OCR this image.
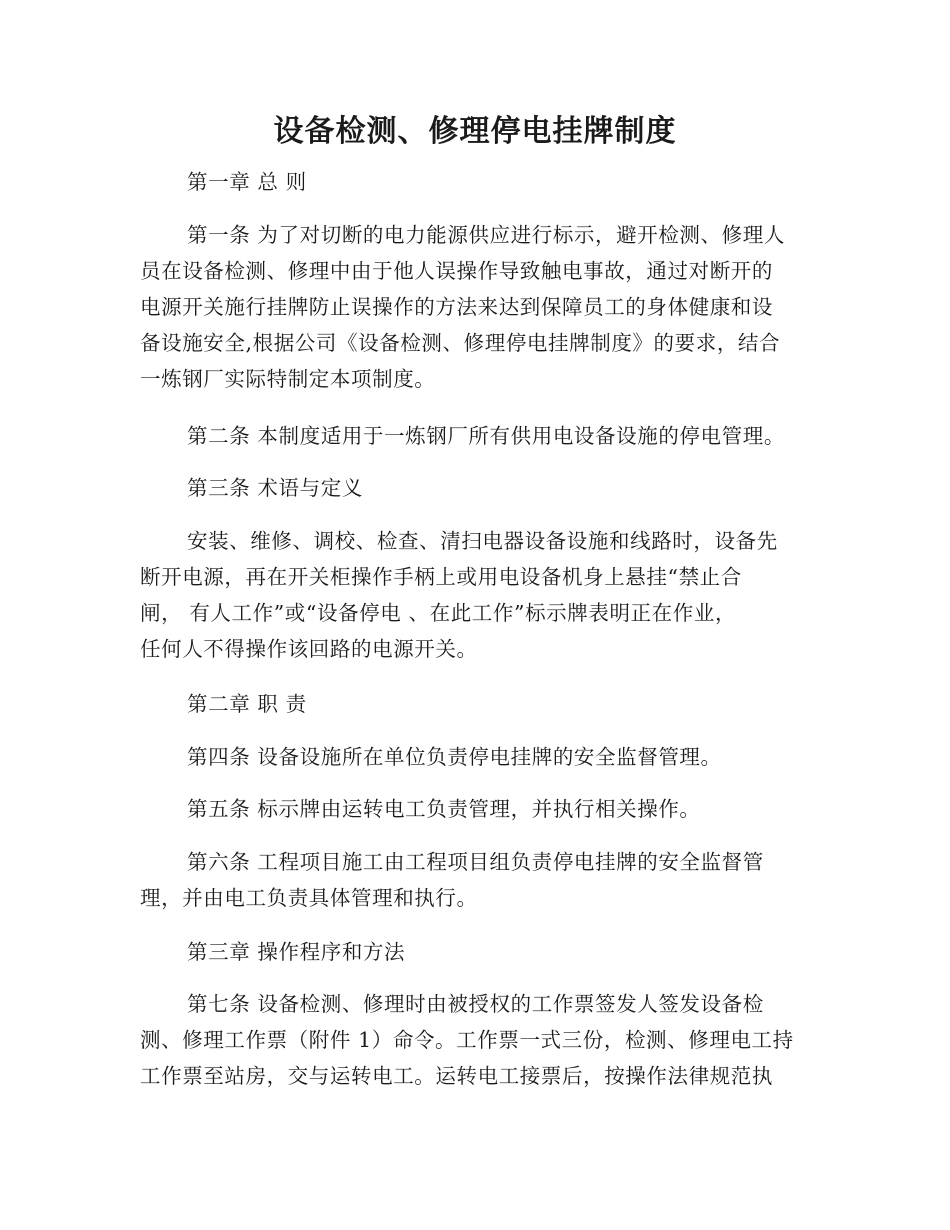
设备检测、修理停电挂牌制度
第一章 总 则
第一条 为了对切断的电力能源供应进行标示，避开检测、修理人
员在设备检测、修理中由于他人误操作导致触电事故，通过对断开的
电源开关施行挂牌防止误操作的方法来达到保障员工的身体健康和设
备设施安全,根据公司《设备检测、修理停电挂牌制度》的要求，结合
一炼钢厂实际特制定本项制度。
第二条 本制度适用于一炼钢厂所有供用电设备设施的停电管理。
第三条 术语与定义
安装、维修、调校、检查、清扫电器设备设施和线路时，设备先
断开电源，再在开关柜操作手柄上或用电设备机身上悬挂“禁止合
闸， 有人工作”或“设备停电 、在此工作”标示牌表明正在作业，
任何人不得操作该回路的电源开关。
第二章 职 责
第四条 设备设施所在单位负责停电挂牌的安全监督管理。
第五条 标示牌由运转电工负责管理，并执行相关操作。
第六条 工程项目施工由工程项目组负责停电挂牌的安全监督管
理，并由电工负责具体管理和执行。
第三章 操作程序和方法
第七条 设备检测、修理时由被授权的工作票签发人签发设备检
测、修理工作票（附件 1）命令。工作票一式三份，检测、修理电工持
工作票至站房，交与运转电工。运转电工接票后，按操作法律规范执
